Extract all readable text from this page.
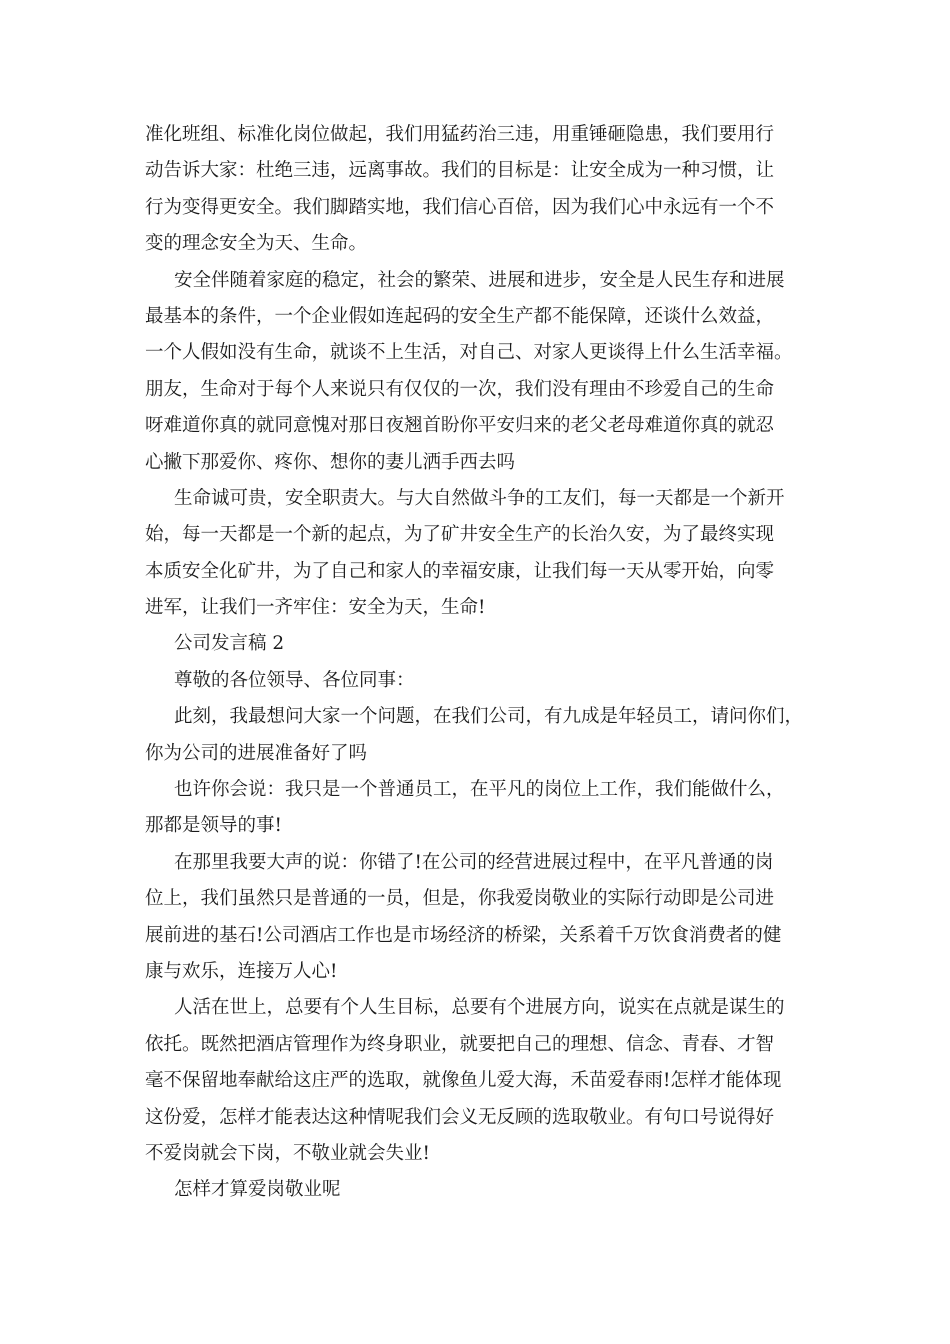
准化班组、标准化岗位做起，我们用猛药治三违，用重锤砸隐患，我们要用行
动告诉大家：杜绝三违，远离事故。我们的目标是：让安全成为一种习惯，让
行为变得更安全。我们脚踏实地，我们信心百倍，因为我们心中永远有一个不
变的理念安全为天、生命。
安全伴随着家庭的稳定，社会的繁荣、进展和进步，安全是人民生存和进展
最基本的条件，一个企业假如连起码的安全生产都不能保障，还谈什么效益，
一个人假如没有生命，就谈不上生活，对自己、对家人更谈得上什么生活幸福。
朋友，生命对于每个人来说只有仅仅的一次，我们没有理由不珍爱自己的生命
呀难道你真的就同意愧对那日夜翘首盼你平安归来的老父老母难道你真的就忍
心撇下那爱你、疼你、想你的妻儿洒手西去吗
生命诚可贵，安全职责大。与大自然做斗争的工友们，每一天都是一个新开
始，每一天都是一个新的起点，为了矿井安全生产的长治久安，为了最终实现
本质安全化矿井，为了自己和家人的幸福安康，让我们每一天从零开始，向零
进军，让我们一齐牢住：安全为天，生命!
公司发言稿 2
尊敬的各位领导、各位同事：
此刻，我最想问大家一个问题，在我们公司，有九成是年轻员工，请问你们，
你为公司的进展准备好了吗
也许你会说：我只是一个普通员工，在平凡的岗位上工作，我们能做什么，
那都是领导的事!
在那里我要大声的说：你错了!在公司的经营进展过程中，在平凡普通的岗
位上，我们虽然只是普通的一员，但是，你我爱岗敬业的实际行动即是公司进
展前进的基石!公司酒店工作也是市场经济的桥梁，关系着千万饮食消费者的健
康与欢乐，连接万人心!
人活在世上，总要有个人生目标，总要有个进展方向，说实在点就是谋生的
依托。既然把酒店管理作为终身职业，就要把自己的理想、信念、青春、才智
毫不保留地奉献给这庄严的选取，就像鱼儿爱大海，禾苗爱春雨!怎样才能体现
这份爱，怎样才能表达这种情呢我们会义无反顾的选取敬业。有句口号说得好
不爱岗就会下岗，不敬业就会失业!
怎样才算爱岗敬业呢
